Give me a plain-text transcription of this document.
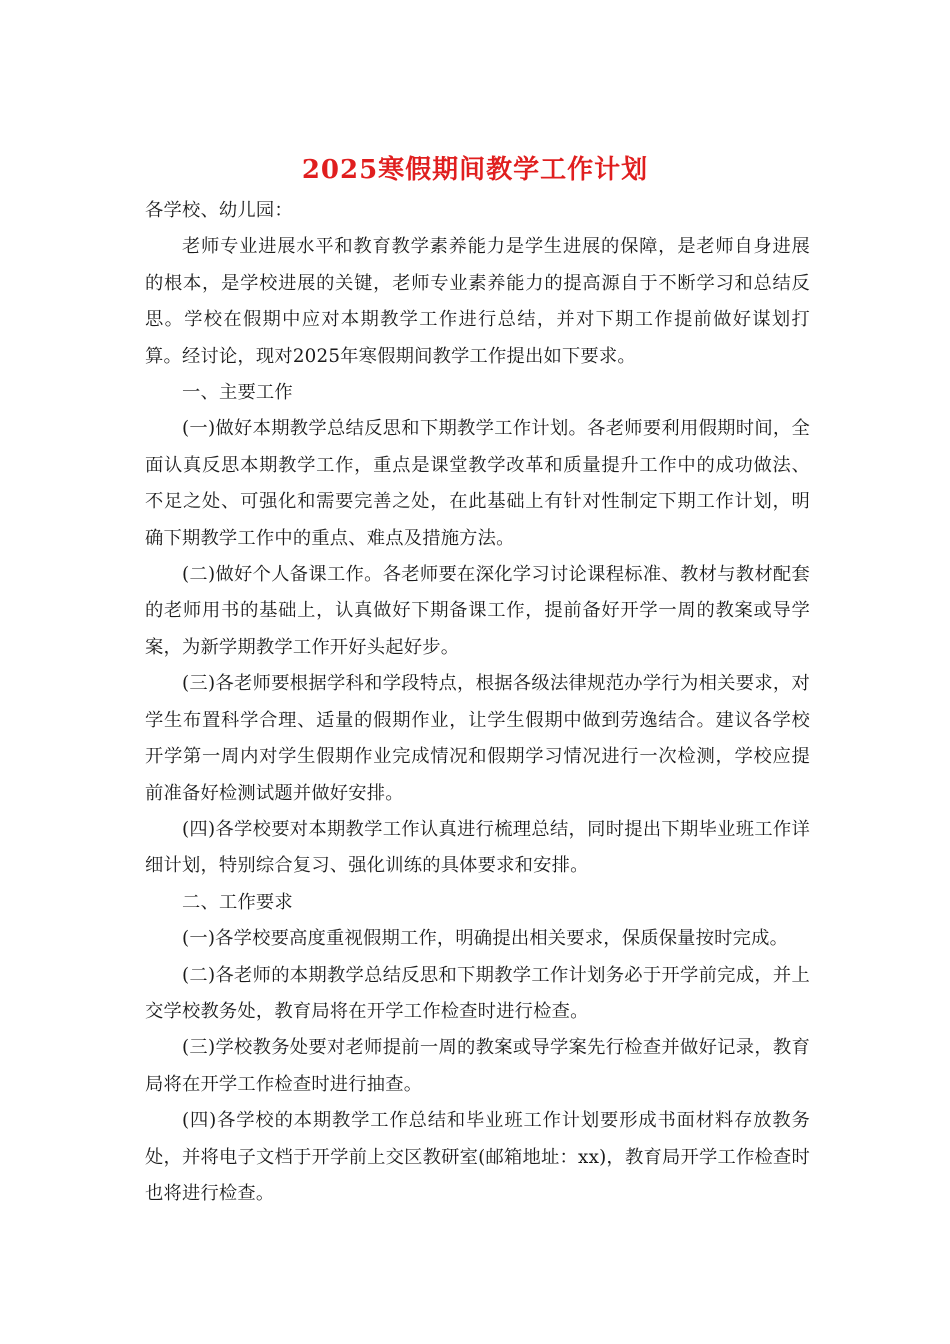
2025寒假期间教学工作计划

各学校、幼儿园：

老师专业进展水平和教育教学素养能力是学生进展的保障，是老师自身进展的根本，是学校进展的关键，老师专业素养能力的提高源自于不断学习和总结反思。学校在假期中应对本期教学工作进行总结，并对下期工作提前做好谋划打算。经讨论，现对2025年寒假期间教学工作提出如下要求。

一、主要工作

(一)做好本期教学总结反思和下期教学工作计划。各老师要利用假期时间，全面认真反思本期教学工作，重点是课堂教学改革和质量提升工作中的成功做法、不足之处、可强化和需要完善之处，在此基础上有针对性制定下期工作计划，明确下期教学工作中的重点、难点及措施方法。

(二)做好个人备课工作。各老师要在深化学习讨论课程标准、教材与教材配套的老师用书的基础上，认真做好下期备课工作，提前备好开学一周的教案或导学案，为新学期教学工作开好头起好步。

(三)各老师要根据学科和学段特点，根据各级法律规范办学行为相关要求，对学生布置科学合理、适量的假期作业，让学生假期中做到劳逸结合。建议各学校开学第一周内对学生假期作业完成情况和假期学习情况进行一次检测，学校应提前准备好检测试题并做好安排。

(四)各学校要对本期教学工作认真进行梳理总结，同时提出下期毕业班工作详细计划，特别综合复习、强化训练的具体要求和安排。

二、工作要求

(一)各学校要高度重视假期工作，明确提出相关要求，保质保量按时完成。

(二)各老师的本期教学总结反思和下期教学工作计划务必于开学前完成，并上交学校教务处，教育局将在开学工作检查时进行检查。

(三)学校教务处要对老师提前一周的教案或导学案先行检查并做好记录，教育局将在开学工作检查时进行抽查。

(四)各学校的本期教学工作总结和毕业班工作计划要形成书面材料存放教务处，并将电子文档于开学前上交区教研室(邮箱地址：xx)，教育局开学工作检查时也将进行检查。
